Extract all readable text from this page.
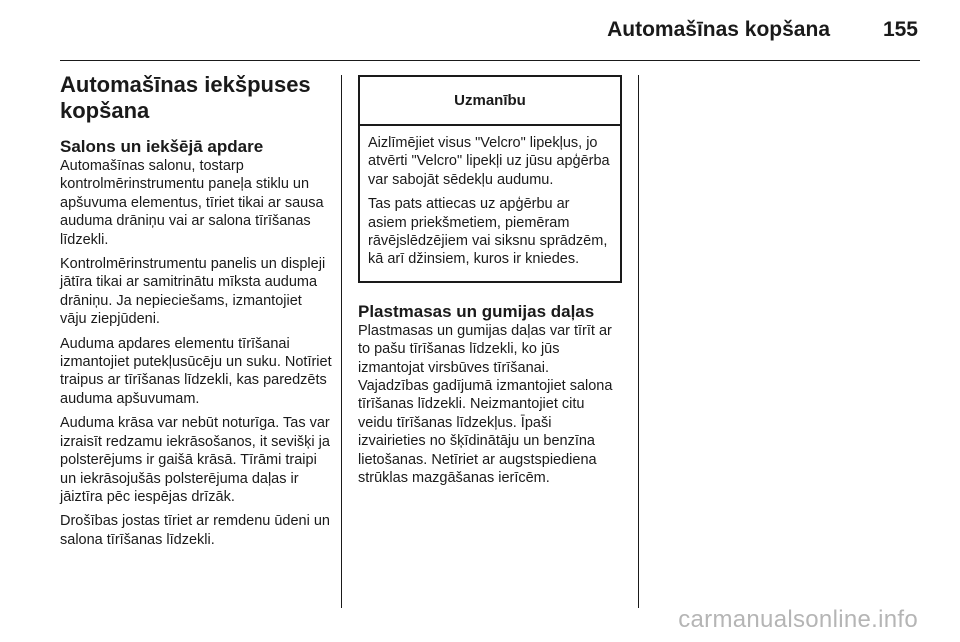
Automašīnas kopšana	155
Automašīnas iekšpuses kopšana
Salons un iekšējā apdare

Automašīnas salonu, tostarp kontrolmērinstrumentu paneļa stiklu un apšuvuma elementus, tīriet tikai ar sausa auduma drāniņu vai ar salona tīrīšanas līdzekli.

Kontrolmērinstrumentu panelis un displeji jātīra tikai ar samitrinātu mīksta auduma drāniņu. Ja nepieciešams, izmantojiet vāju ziepjūdeni.

Auduma apdares elementu tīrīšanai izmantojiet putekļusūcēju un suku. Notīriet traipus ar tīrīšanas līdzekli, kas paredzēts auduma apšuvumam.

Auduma krāsa var nebūt noturīga. Tas var izraisīt redzamu iekrāsošanos, it sevišķi ja polsterējums ir gaišā krāsā. Tīrāmi traipi un iekrāsojušās polsterējuma daļas ir jāiztīra pēc iespējas drīzāk.

Drošības jostas tīriet ar remdenu ūdeni un salona tīrīšanas līdzekli.

Uzmanību

Aizlīmējiet visus "Velcro" lipekļus, jo atvērti "Velcro" lipekļi uz jūsu apģērba var sabojāt sēdekļu audumu.

Tas pats attiecas uz apģērbu ar asiem priekšmetiem, piemēram rāvējslēdzējiem vai siksnu sprādzēm, kā arī džinsiem, kuros ir kniedes.

Plastmasas un gumijas daļas

Plastmasas un gumijas daļas var tīrīt ar to pašu tīrīšanas līdzekli, ko jūs izmantojat virsbūves tīrīšanai. Vajadzības gadījumā izmantojiet salona tīrīšanas līdzekli. Neizmantojiet citu veidu tīrīšanas līdzekļus. Īpaši izvairieties no šķīdinātāju un benzīna lietošanas. Netīriet ar augstspiediena strūklas mazgāšanas ierīcēm.

carmanualsonline.info
